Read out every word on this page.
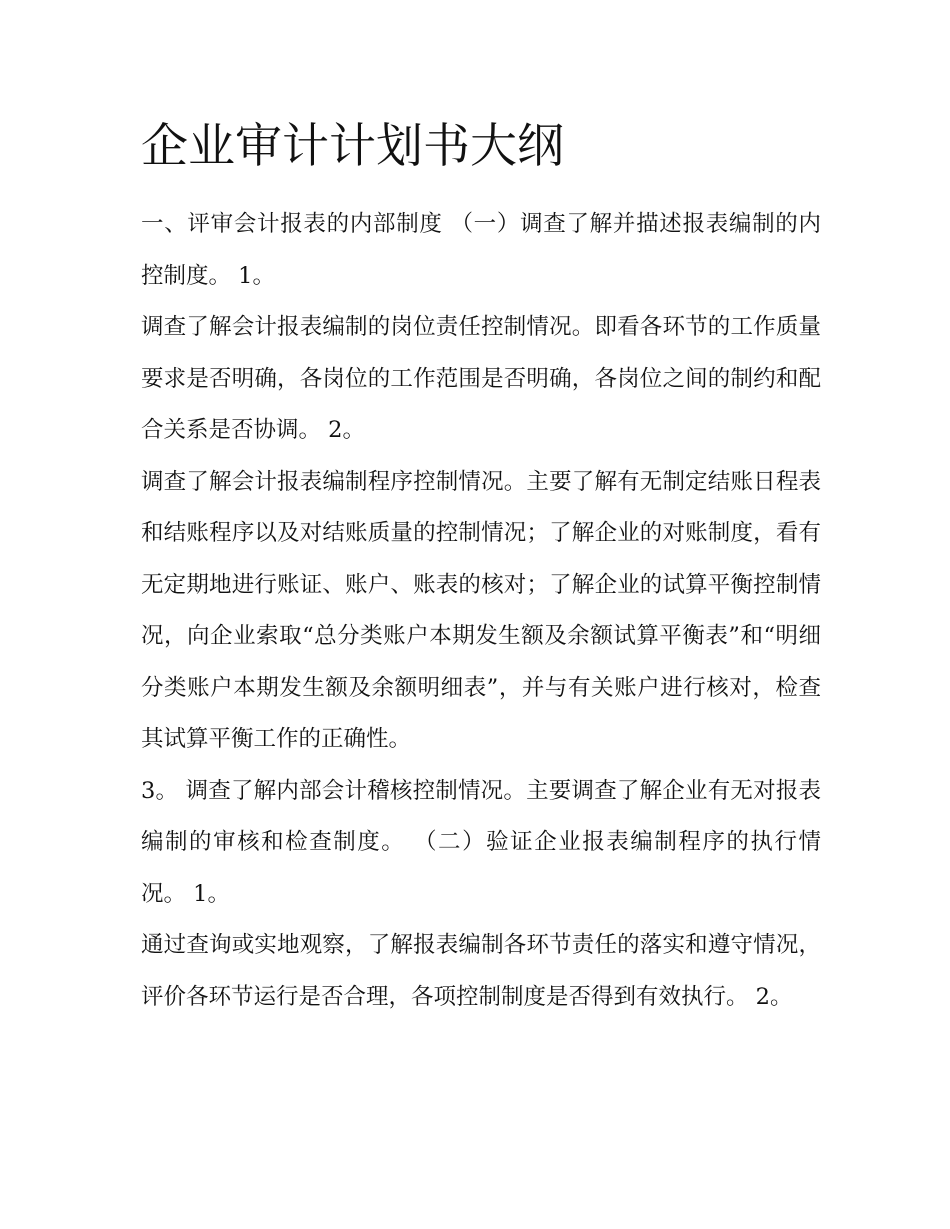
企业审计计划书大纲

一、评审会计报表的内部制度 （一）调查了解并描述报表编制的内控制度。 1。

调查了解会计报表编制的岗位责任控制情况。即看各环节的工作质量要求是否明确，各岗位的工作范围是否明确，各岗位之间的制约和配合关系是否协调。 2。

调查了解会计报表编制程序控制情况。主要了解有无制定结账日程表和结账程序以及对结账质量的控制情况；了解企业的对账制度，看有无定期地进行账证、账户、账表的核对；了解企业的试算平衡控制情况，向企业索取“总分类账户本期发生额及余额试算平衡表”和“明细分类账户本期发生额及余额明细表”，并与有关账户进行核对，检查其试算平衡工作的正确性。

3。 调查了解内部会计稽核控制情况。主要调查了解企业有无对报表编制的审核和检查制度。 （二）验证企业报表编制程序的执行情况。 1。

通过查询或实地观察，了解报表编制各环节责任的落实和遵守情况，评价各环节运行是否合理，各项控制制度是否得到有效执行。 2。
